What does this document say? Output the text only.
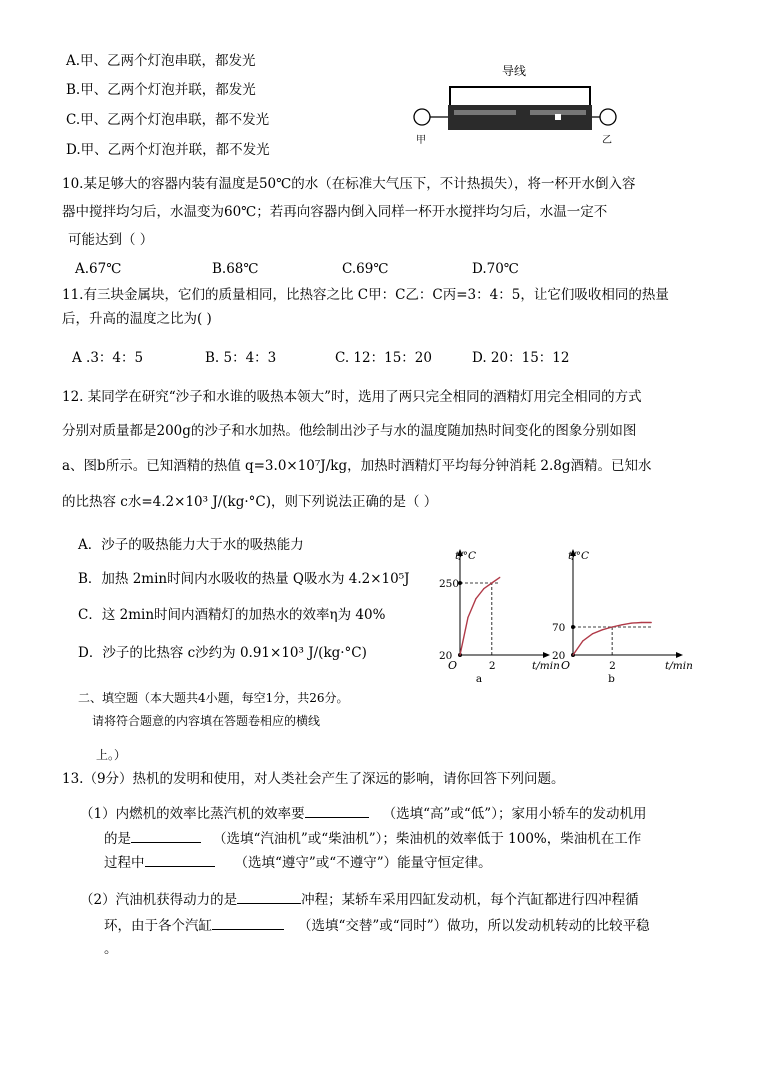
A.甲、乙两个灯泡串联，都发光
B.甲、乙两个灯泡并联，都发光
C.甲、乙两个灯泡串联，都不发光
D.甲、乙两个灯泡并联，都不发光
导线
甲	乙
10.某足够大的容器内装有温度是50℃的水（在标准大气压下，不计热损失），将一杯开水倒入容
器中搅拌均匀后，水温变为60℃；若再向容器内倒入同样一杯开水搅拌均匀后，水温一定不
可能达到（ ）
A.67℃	B.68℃	C.69℃	D.70℃
11.有三块金属块，它们的质量相同，比热容之比 C甲：C乙：C丙=3：4：5，让它们吸收相同的热量
后，升高的温度之比为( )
A .3：4：5	B. 5：4：3	C. 12：15：20	D. 20：15：12
12. 某同学在研究“沙子和水谁的吸热本领大”时，选用了两只完全相同的酒精灯用完全相同的方式
分别对质量都是200g的沙子和水加热。他绘制出沙子与水的温度随加热时间变化的图象分别如图
a、图b所示。已知酒精的热值 q=3.0×10⁷J/kg，加热时酒精灯平均每分钟消耗 2.8g酒精。已知水
的比热容 c水=4.2×10³ J/(kg·°C)，则下列说法正确的是（ ）
A．沙子的吸热能力大于水的吸热能力
B．加热 2min时间内水吸收的热量 Q吸水为 4.2×10⁵J
C．这 2min时间内酒精灯的加热水的效率η为 40%
D．沙子的比热容 c沙约为 0.91×10³ J/(kg·°C)
t/°C
t/min
O
a
2
20
250
t/°C
t/min
O
b
2
20
70
二、填空题（本大题共4小题，每空1分，共26分。
请将符合题意的内容填在答题卷相应的横线
上。）
13.（9分）热机的发明和使用，对人类社会产生了深远的影响，请你回答下列问题。
（1）内燃机的效率比蒸汽机的效率要	（选填“高”或“低”）；家用小轿车的发动机用
的是	（选填“汽油机”或“柴油机”）；柴油机的效率低于 100%，柴油机在工作
过程中	（选填“遵守”或“不遵守”）能量守恒定律。
（2）汽油机获得动力的是	冲程；某轿车采用四缸发动机，每个汽缸都进行四冲程循
环，由于各个汽缸	（选填“交替”或“同时”）做功，所以发动机转动的比较平稳
。
